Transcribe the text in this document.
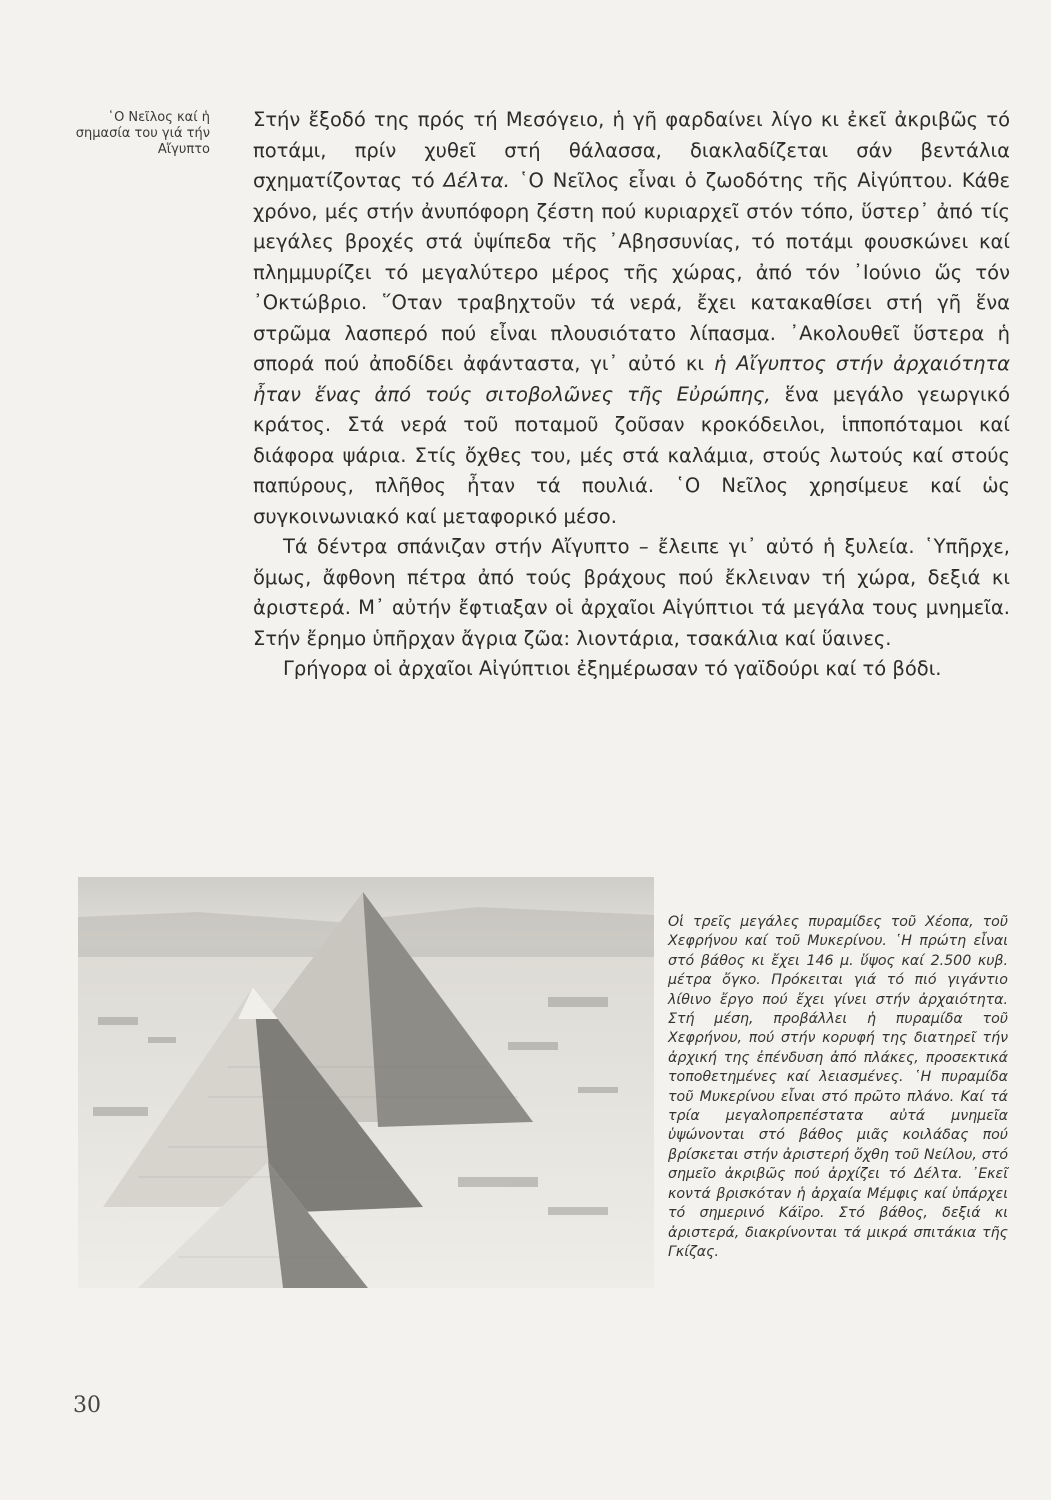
῾Ο Νεῖλος καί ἡ σημασία του γιά τήν Αἴγυπτο

Στήν ἔξοδό της πρός τή Μεσόγειο, ἡ γῆ φαρδαίνει λίγο κι ἐκεῖ ἀκριβῶς τό ποτάμι, πρίν χυθεῖ στή θάλασσα, διακλαδίζεται σάν βεντάλια σχηματίζοντας τό Δέλτα. ῾Ο Νεῖλος εἶναι ὁ ζωοδότης τῆς Αἰγύπτου. Κάθε χρόνο, μές στήν ἀνυπόφορη ζέστη πού κυριαρχεῖ στόν τόπο, ὕστερ᾽ ἀπό τίς μεγάλες βροχές στά ὑψίπεδα τῆς ᾽Αβησσυνίας, τό ποτάμι φουσκώνει καί πλημμυρίζει τό μεγαλύτερο μέρος τῆς χώρας, ἀπό τόν ᾽Ιούνιο ὥς τόν ᾽Οκτώβριο. ῞Οταν τραβηχτοῦν τά νερά, ἔχει κατακαθίσει στή γῆ ἕνα στρῶμα λασπερό πού εἶναι πλουσιότατο λίπασμα. ᾽Ακολουθεῖ ὕστερα ἡ σπορά πού ἀποδίδει ἀφάνταστα, γι᾽ αὐτό κι ἡ Αἴγυπτος στήν ἀρχαιότητα ἦταν ἕνας ἀπό τούς σιτοβολῶνες τῆς Εὐρώπης, ἕνα μεγάλο γεωργικό κράτος. Στά νερά τοῦ ποταμοῦ ζοῦσαν κροκόδειλοι, ἱπποπόταμοι καί διάφορα ψάρια. Στίς ὄχθες του, μές στά καλάμια, στούς λωτούς καί στούς παπύρους, πλῆθος ἦταν τά πουλιά. ῾Ο Νεῖλος χρησίμευε καί ὡς συγκοινωνιακό καί μεταφορικό μέσο.

Τά δέντρα σπάνιζαν στήν Αἴγυπτο – ἔλειπε γι᾽ αὐτό ἡ ξυλεία. ῾Υπῆρχε, ὅμως, ἄφθονη πέτρα ἀπό τούς βράχους πού ἔκλειναν τή χώρα, δεξιά κι ἀριστερά. Μ᾽ αὐτήν ἔφτιαξαν οἱ ἀρχαῖοι Αἰγύπτιοι τά μεγάλα τους μνημεῖα. Στήν ἔρημο ὑπῆρχαν ἄγρια ζῶα: λιοντάρια, τσακάλια καί ὕαινες.

Γρήγορα οἱ ἀρχαῖοι Αἰγύπτιοι ἐξημέρωσαν τό γαϊδούρι καί τό βόδι.

Οἱ τρεῖς μεγάλες πυραμίδες τοῦ Χέοπα, τοῦ Χεφρήνου καί τοῦ Μυκερίνου. ῾Η πρώτη εἶναι στό βάθος κι ἔχει 146 μ. ὕψος καί 2.500 κυβ. μέτρα ὄγκο. Πρόκειται γιά τό πιό γιγάντιο λίθινο ἔργο πού ἔχει γίνει στήν ἀρχαιότητα. Στή μέση, προβάλλει ἡ πυραμίδα τοῦ Χεφρήνου, πού στήν κορυφή της διατηρεῖ τήν ἀρχική της ἐπένδυση ἀπό πλάκες, προσεκτικά τοποθετημένες καί λειασμένες. ῾Η πυραμίδα τοῦ Μυκερίνου εἶναι στό πρῶτο πλάνο. Καί τά τρία μεγαλοπρεπέστατα αὐτά μνημεῖα ὑψώνονται στό βάθος μιᾶς κοιλάδας πού βρίσκεται στήν ἀριστερή ὄχθη τοῦ Νείλου, στό σημεῖο ἀκριβῶς πού ἀρχίζει τό Δέλτα. ᾽Εκεῖ κοντά βρισκόταν ἡ ἀρχαία Μέμφις καί ὑπάρχει τό σημερινό Κάϊρο. Στό βάθος, δεξιά κι ἀριστερά, διακρίνονται τά μικρά σπιτάκια τῆς Γκίζας.
30
